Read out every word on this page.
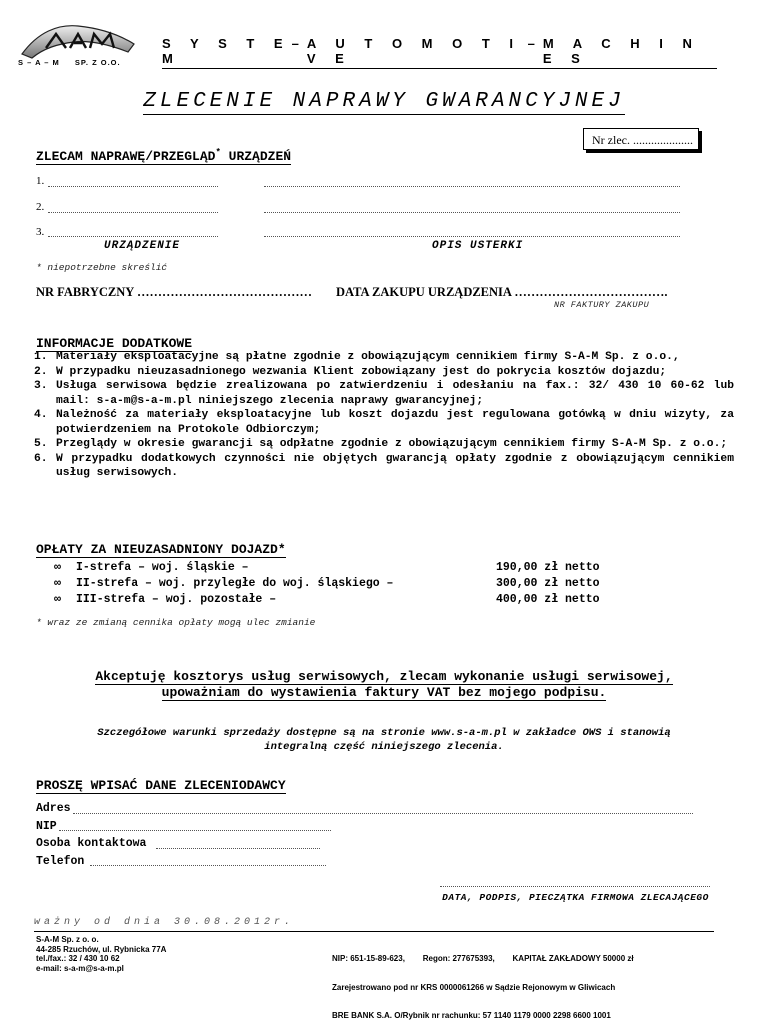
S – A – M SP. Z O.O.
S Y S T E M
– A U T O M O T I V E
– M A C H I N E S
ZLECENIE NAPRAWY GWARANCYJNEJ
Nr zlec. ....................
ZLECAM NAPRAWĘ/PRZEGLĄD* URZĄDZEŃ
1.
2.
3.
URZĄDZENIE	OPIS USTERKI
* niepotrzebne skreślić
NR FABRYCZNY …………………………………… DATA ZAKUPU URZĄDZENIA ……………………………….
NR FAKTURY ZAKUPU
INFORMACJE DODATKOWE
1. Materiały eksploatacyjne są płatne zgodnie z obowiązującym cennikiem firmy S-A-M Sp. z o.o.,
2. W przypadku nieuzasadnionego wezwania Klient zobowiązany jest do pokrycia kosztów dojazdu;
3. Usługa serwisowa będzie zrealizowana po zatwierdzeniu i odesłaniu na fax.: 32/ 430 10 60-62 lub mail: s-a-m@s-a-m.pl niniejszego zlecenia naprawy gwarancyjnej;
4. Należność za materiały eksploatacyjne lub koszt dojazdu jest regulowana gotówką w dniu wizyty, za potwierdzeniem na Protokole Odbiorczym;
5. Przeglądy w okresie gwarancji są odpłatne zgodnie z obowiązującym cennikiem firmy S-A-M Sp. z o.o.;
6. W przypadku dodatkowych czynności nie objętych gwarancją opłaty zgodnie z obowiązującym cennikiem usług serwisowych.
OPŁATY ZA NIEUZASADNIONY DOJAZD*
∞	I-strefa – woj. śląskie –	190,00 zł netto
∞	II-strefa – woj. przyległe do woj. śląskiego –	300,00 zł netto
∞	III-strefa – woj. pozostałe –	400,00 zł netto
* wraz ze zmianą cennika opłaty mogą ulec zmianie
Akceptuję kosztorys usług serwisowych, zlecam wykonanie usługi serwisowej,
upoważniam do wystawienia faktury VAT bez mojego podpisu.
Szczegółowe warunki sprzedaży dostępne są na stronie www.s-a-m.pl w zakładce OWS i stanowią
integralną część niniejszego zlecenia.
PROSZĘ WPISAĆ DANE ZLECENIODAWCY
Adres
NIP
Osoba kontaktowa
Telefon
DATA, PODPIS, PIECZĄTKA FIRMOWA ZLECAJĄCEGO
ważny od dnia 30.08.2012r.
S-A-M Sp. z o. o.
44-285 Rzuchów, ul. Rybnicka 77A
tel./fax.: 32 / 430 10 62
e-mail: s-a-m@s-a-m.pl

NIP: 651-15-89-623,        Regon: 277675393,        KAPITAŁ ZAKŁADOWY 50000 zł

Zarejestrowano pod nr KRS 0000061266 w Sądzie Rejonowym w Gliwicach

BRE BANK S.A. O/Rybnik nr rachunku: 57 1140 1179 0000 2298 6600 1001
